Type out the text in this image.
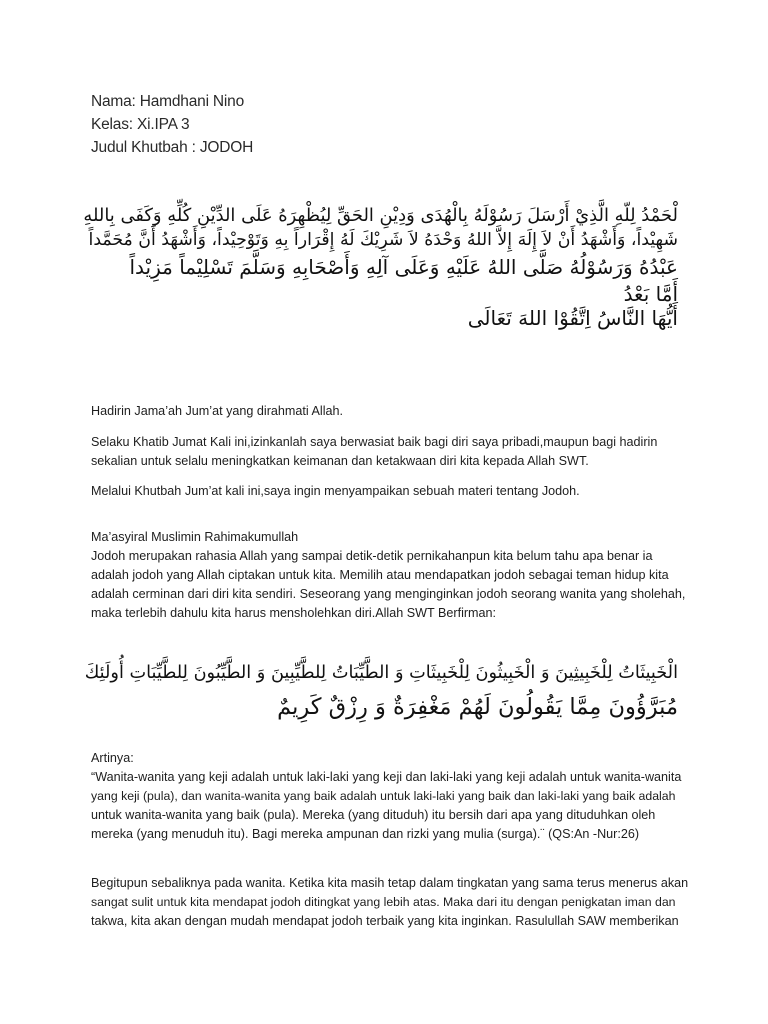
Nama: Hamdhani Nino
Kelas: Xi.IPA 3
Judul Khutbah : JODOH
لْحَمْدُ لِلّهِ الَّذِيْ أَرْسَلَ رَسُوْلَهُ بِالْهُدَى وَدِيْنِ الحَقِّ لِيُظْهِرَهُ عَلَى الدِّيْنِ كُلِّهِ وَكَفَى بِاللهِ
شَهِيْداً، وَأَشْهَدُ أَنْ لاَ إِلَهَ إِلاَّ اللهُ وَحْدَهُ لاَ شَرِيْكَ لَهُ إِقْرَاراً بِهِ وَتَوْحِيْداً، وَأَشْهَدُ أَنَّ مُحَمَّداً
عَبْدُهُ وَرَسُوْلُهُ صَلَّى اللهُ عَلَيْهِ وَعَلَى آلِهِ وَأَصْحَابِهِ وَسَلَّمَ تَسْلِيْماً مَزِيْداً
أَمَّا بَعْدُ
أَيُّهَا النَّاسُ اِتَّقُوْا اللهَ تَعَالَى
Hadirin Jama’ah Jum’at yang dirahmati Allah.
Selaku Khatib Jumat Kali ini,izinkanlah saya berwasiat baik bagi diri saya pribadi,maupun bagi hadirin
sekalian untuk selalu meningkatkan keimanan dan ketakwaan diri kita kepada Allah SWT.
Melalui Khutbah Jum’at kali ini,saya ingin menyampaikan sebuah materi tentang Jodoh.
Ma’asyiral Muslimin Rahimakumullah
Jodoh merupakan rahasia Allah yang sampai detik-detik pernikahanpun kita belum tahu apa benar ia
adalah jodoh yang Allah ciptakan untuk kita. Memilih atau mendapatkan jodoh sebagai teman hidup kita
adalah cerminan dari diri kita sendiri. Seseorang yang menginginkan jodoh seorang wanita yang sholehah,
maka terlebih dahulu kita harus mensholehkan diri.Allah SWT Berfirman:
الْخَبِيثَاتُ لِلْخَبِيثِينَ وَ الْخَبِيثُونَ لِلْخَبِيثَاتِ وَ الطَّيِّبَاتُ لِلطَّيِّبِينَ وَ الطَّيِّبُونَ لِلطَّيِّبَاتِ أُولَئِكَ
مُبَرَّؤُونَ مِمَّا يَقُولُونَ لَهُمْ مَغْفِرَةٌ وَ رِزْقٌ كَرِيمٌ
Artinya:
“Wanita-wanita yang keji adalah untuk laki-laki yang keji dan laki-laki yang keji adalah untuk wanita-wanita
yang keji (pula), dan wanita-wanita yang baik adalah untuk laki-laki yang baik dan laki-laki yang baik adalah
untuk wanita-wanita yang baik (pula). Mereka (yang dituduh) itu bersih dari apa yang dituduhkan oleh
mereka (yang menuduh itu). Bagi mereka ampunan dan rizki yang mulia (surga).¨ (QS:An -Nur:26)
Begitupun sebaliknya pada wanita. Ketika kita masih tetap dalam tingkatan yang sama terus menerus akan
sangat sulit untuk kita mendapat jodoh ditingkat yang lebih atas. Maka dari itu dengan penigkatan iman dan
takwa, kita akan dengan mudah mendapat jodoh terbaik yang kita inginkan. Rasulullah SAW memberikan
